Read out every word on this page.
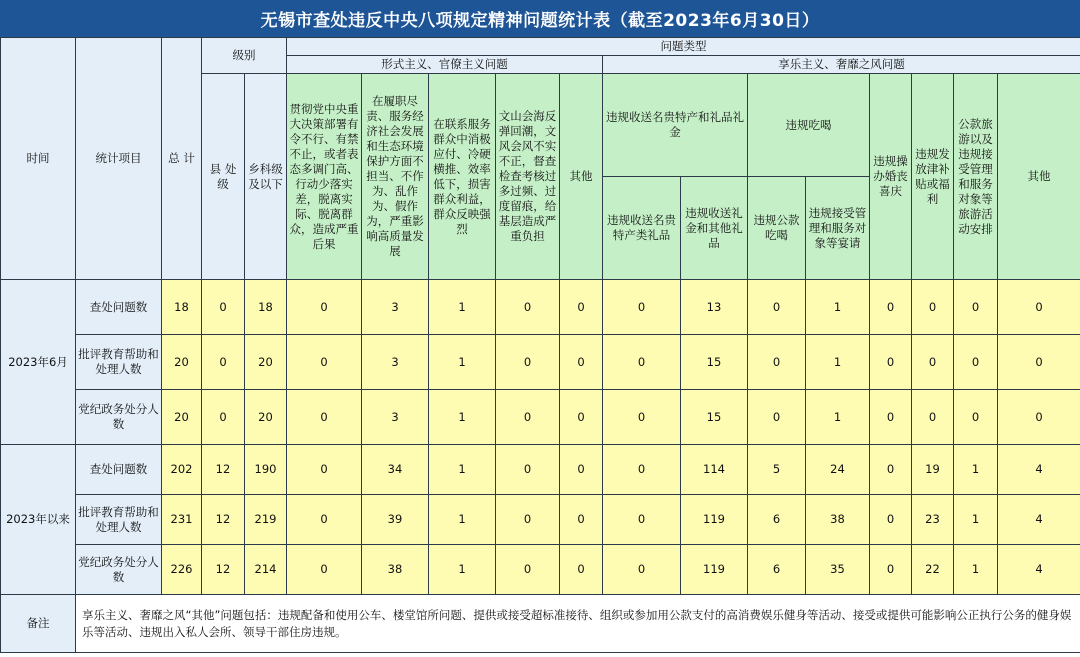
无锡市查处违反中央八项规定精神问题统计表（截至2023年6月30日）
时间	统计项目	总 计	级别		问题类型												
					形式主义、官僚主义问题					享乐主义、奢靡之风问题							
			县 处 级	乡科级及以下	贯彻党中央重大决策部署有令不行、有禁不止，或者表态多调门高、行动少落实差，脱离实际、脱离群众，造成严重后果	在履职尽责、服务经济社会发展和生态环境保护方面不担当、不作为、乱作为、假作为，严重影响高质量发展	在联系服务群众中消极应付、冷硬横推、效率低下，损害群众利益，群众反映强烈	文山会海反弹回潮，文风会风不实不正，督查检查考核过多过频、过度留痕，给基层造成严重负担	其他	违规收送名贵特产和礼品礼金		违规吃喝		违规操办婚丧喜庆	违规发放津补贴或福利	公款旅游以及违规接受管理和服务对象等旅游活动安排	其他
										违规收送名贵特产类礼品	违规收送礼金和其他礼品	违规公款吃喝	违规接受管理和服务对象等宴请				
2023年6月	查处问题数	18	0	18	0	3	1	0	0	0	13	0	1	0	0	0	0
	批评教育帮助和处理人数	20	0	20	0	3	1	0	0	0	15	0	1	0	0	0	0
	党纪政务处分人数	20	0	20	0	3	1	0	0	0	15	0	1	0	0	0	0
2023年以来	查处问题数	202	12	190	0	34	1	0	0	0	114	5	24	0	19	1	4
	批评教育帮助和处理人数	231	12	219	0	39	1	0	0	0	119	6	38	0	23	1	4
	党纪政务处分人数	226	12	214	0	38	1	0	0	0	119	6	35	0	22	1	4
备注	享乐主义、奢靡之风“其他”问题包括：违规配备和使用公车、楼堂馆所问题、提供或接受超标准接待、组织或参加用公款支付的高消费娱乐健身等活动、接受或提供可能影响公正执行公务的健身娱乐等活动、违规出入私人会所、领导干部住房违规。																
